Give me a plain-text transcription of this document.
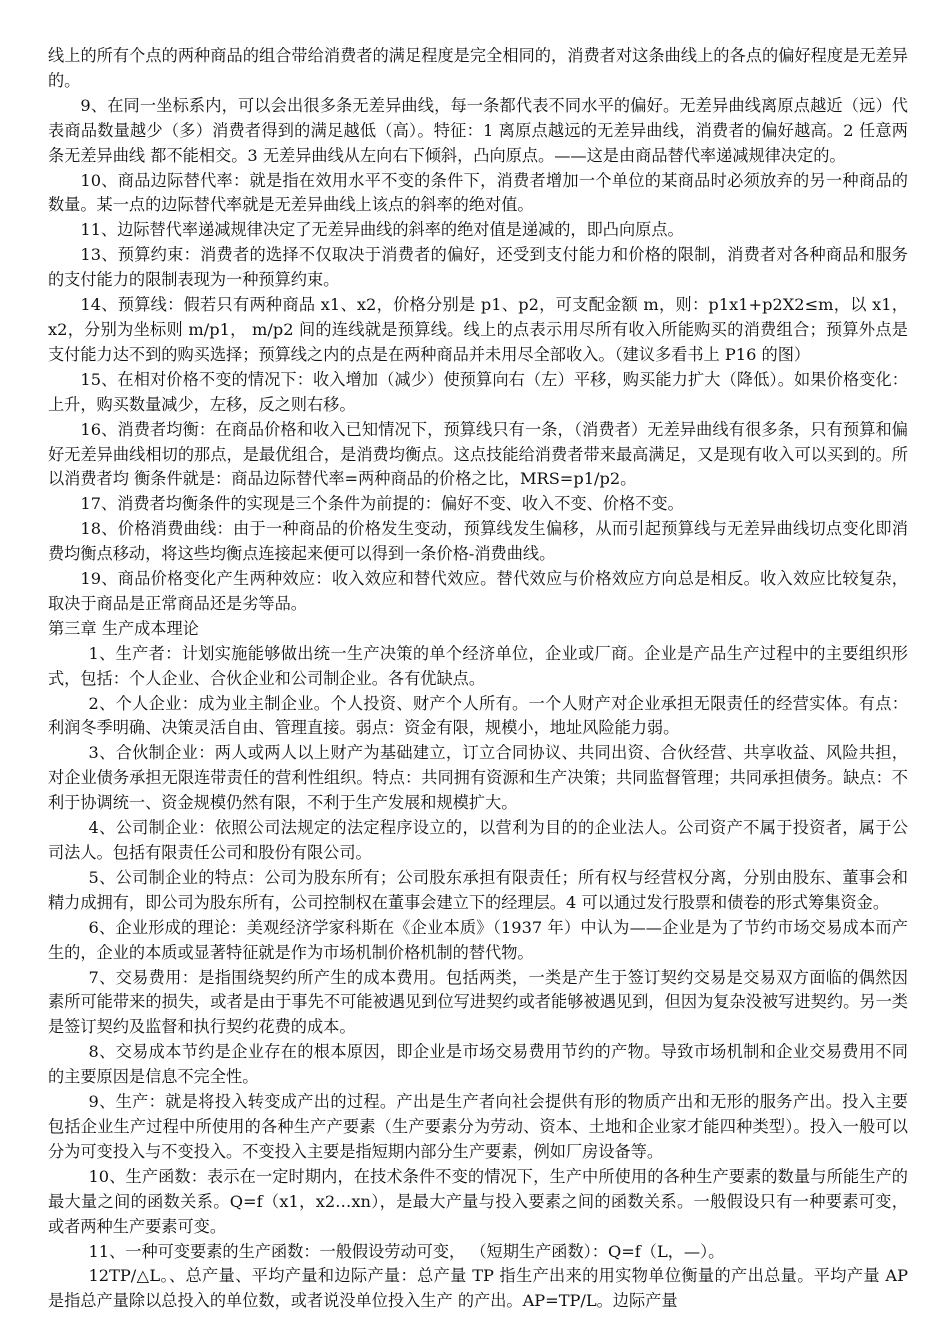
线上的所有个点的两种商品的组合带给消费者的满足程度是完全相同的，消费者对这条曲线上的各点的偏好程度是无差异的。

9、在同一坐标系内，可以会出很多条无差异曲线，每一条都代表不同水平的偏好。无差异曲线离原点越近（远）代表商品数量越少（多）消费者得到的满足越低（高）。特征：1 离原点越远的无差异曲线，消费者的偏好越高。2 任意两条无差异曲线 都不能相交。3 无差异曲线从左向右下倾斜，凸向原点。——这是由商品替代率递减规律决定的。

10、商品边际替代率：就是指在效用水平不变的条件下，消费者增加一个单位的某商品时必须放弃的另一种商品的数量。某一点的边际替代率就是无差异曲线上该点的斜率的绝对值。

11、边际替代率递减规律决定了无差异曲线的斜率的绝对值是递减的，即凸向原点。

13、预算约束：消费者的选择不仅取决于消费者的偏好，还受到支付能力和价格的限制，消费者对各种商品和服务的支付能力的限制表现为一种预算约束。

14、预算线：假若只有两种商品 x1、x2，价格分别是 p1、p2，可支配金额 m，则：p1x1+p2X2≤m，以 x1，x2，分别为坐标则 m/p1， m/p2 间的连线就是预算线。线上的点表示用尽所有收入所能购买的消费组合；预算外点是支付能力达不到的购买选择；预算线之内的点是在两种商品并未用尽全部收入。（建议多看书上 P16 的图）

15、在相对价格不变的情况下：收入增加（减少）使预算向右（左）平移，购买能力扩大（降低）。如果价格变化：上升，购买数量减少，左移，反之则右移。

16、消费者均衡：在商品价格和收入已知情况下，预算线只有一条，（消费者）无差异曲线有很多条，只有预算和偏好无差异曲线相切的那点，是最优组合，是消费均衡点。这点技能给消费者带来最高满足，又是现有收入可以买到的。所以消费者均 衡条件就是：商品边际替代率=两种商品的价格之比，MRS=p1/p2。

17、消费者均衡条件的实现是三个条件为前提的：偏好不变、收入不变、价格不变。

18、价格消费曲线：由于一种商品的价格发生变动，预算线发生偏移，从而引起预算线与无差异曲线切点变化即消费均衡点移动，将这些均衡点连接起来便可以得到一条价格-消费曲线。

19、商品价格变化产生两种效应：收入效应和替代效应。替代效应与价格效应方向总是相反。收入效应比较复杂，取决于商品是正常商品还是劣等品。

第三章 生产成本理论

1、生产者：计划实施能够做出统一生产决策的单个经济单位，企业或厂商。企业是产品生产过程中的主要组织形式，包括：个人企业、合伙企业和公司制企业。各有优缺点。

2、个人企业：成为业主制企业。个人投资、财产个人所有。一个人财产对企业承担无限责任的经营实体。有点：利润冬季明确、决策灵活自由、管理直接。弱点：资金有限，规模小，地址风险能力弱。

3、合伙制企业：两人或两人以上财产为基础建立，订立合同协议、共同出资、合伙经营、共享收益、风险共担，对企业债务承担无限连带责任的营利性组织。特点：共同拥有资源和生产决策；共同监督管理；共同承担债务。缺点：不利于协调统一、资金规模仍然有限，不利于生产发展和规模扩大。

4、公司制企业：依照公司法规定的法定程序设立的，以营利为目的的企业法人。公司资产不属于投资者，属于公司法人。包括有限责任公司和股份有限公司。

5、公司制企业的特点：公司为股东所有；公司股东承担有限责任；所有权与经营权分离，分别由股东、董事会和精力成拥有，即公司为股东所有，公司控制权在董事会建立下的经理层。4 可以通过发行股票和债卷的形式筹集资金。

6、企业形成的理论：美观经济学家科斯在《企业本质》（1937 年）中认为——企业是为了节约市场交易成本而产生的，企业的本质或显著特征就是作为市场机制价格机制的替代物。

7、交易费用：是指围绕契约所产生的成本费用。包括两类，一类是产生于签订契约交易是交易双方面临的偶然因素所可能带来的损失，或者是由于事先不可能被遇见到位写进契约或者能够被遇见到，但因为复杂没被写进契约。另一类是签订契约及监督和执行契约花费的成本。

8、交易成本节约是企业存在的根本原因，即企业是市场交易费用节约的产物。导致市场机制和企业交易费用不同的主要原因是信息不完全性。

9、生产：就是将投入转变成产出的过程。产出是生产者向社会提供有形的物质产出和无形的服务产出。投入主要包括企业生产过程中所使用的各种生产产要素（生产要素分为劳动、资本、土地和企业家才能四种类型）。投入一般可以分为可变投入与不变投入。不变投入主要是指短期内部分生产要素，例如厂房设备等。

10、生产函数：表示在一定时期内，在技术条件不变的情况下，生产中所使用的各种生产要素的数量与所能生产的最大量之间的函数关系。Q=f（x1，x2…xn），是最大产量与投入要素之间的函数关系。一般假设只有一种要素可变，或者两种生产要素可变。

11、一种可变要素的生产函数：一般假设劳动可变， （短期生产函数）：Q=f（L，—）。

12TP/△L。、总产量、平均产量和边际产量：总产量 TP 指生产出来的用实物单位衡量的产出总量。平均产量 AP 是指总产量除以总投入的单位数，或者说没单位投入生产 的产出。AP=TP/L。边际产量
